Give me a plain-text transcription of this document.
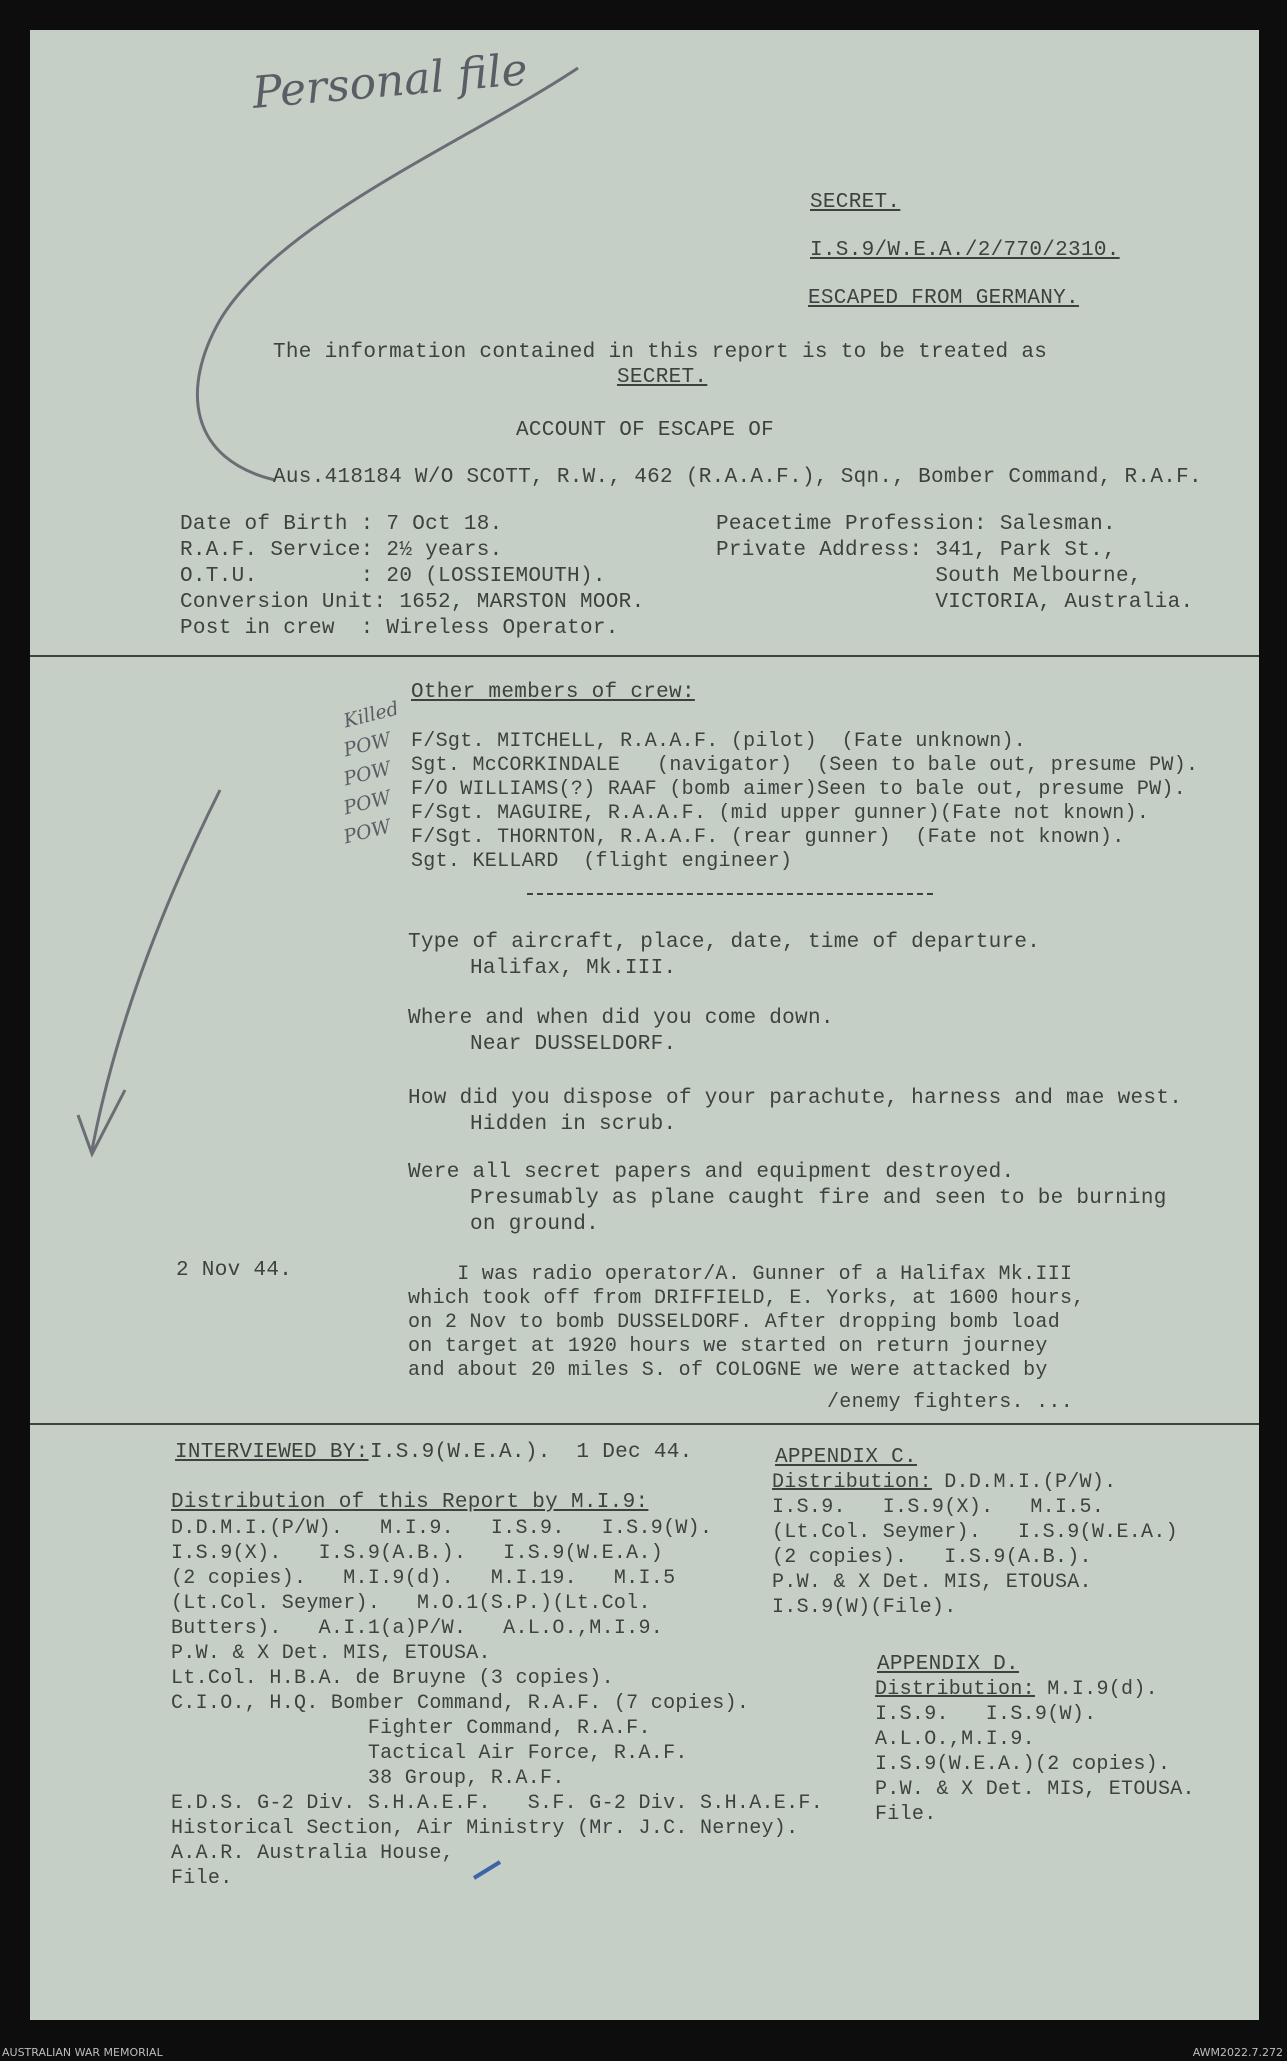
Personal file
Killed
POW
POW
POW
POW
SECRET.
I.S.9/W.E.A./2/770/2310.
ESCAPED FROM GERMANY.
The information contained in this report is to be treated as
SECRET.
ACCOUNT OF ESCAPE OF
Aus.418184 W/O SCOTT, R.W., 462 (R.A.A.F.), Sqn., Bomber Command, R.A.F.
Date of Birth : 7 Oct 18.
R.A.F. Service: 2½ years.
O.T.U.        : 20 (LOSSIEMOUTH).
Conversion Unit: 1652, MARSTON MOOR.
Post in crew  : Wireless Operator.
Peacetime Profession: Salesman.
Private Address: 341, Park St.,
South Melbourne,
VICTORIA, Australia.
Other members of crew:
F/Sgt. MITCHELL, R.A.A.F. (pilot)  (Fate unknown).
Sgt. McCORKINDALE   (navigator)  (Seen to bale out, presume PW).
F/O WILLIAMS(?) RAAF (bomb aimer)Seen to bale out, presume PW).
F/Sgt. MAGUIRE, R.A.A.F. (mid upper gunner)(Fate not known).
F/Sgt. THORNTON, R.A.A.F. (rear gunner)  (Fate not known).
Sgt. KELLARD  (flight engineer)
Type of aircraft, place, date, time of departure.
Halifax, Mk.III.
Where and when did you come down.
Near DUSSELDORF.
How did you dispose of your parachute, harness and mae west.
Hidden in scrub.
Were all secret papers and equipment destroyed.
Presumably as plane caught fire and seen to be burning
on ground.
2 Nov 44.	I was radio operator/A. Gunner of a Halifax Mk.III
which took off from DRIFFIELD, E. Yorks, at 1600 hours,
on 2 Nov to bomb DUSSELDORF. After dropping bomb load
on target at 1920 hours we started on return journey
and about 20 miles S. of COLOGNE we were attacked by
/enemy fighters. ...
INTERVIEWED BY: I.S.9(W.E.A.).  1 Dec 44.
Distribution of this Report by M.I.9:
D.D.M.I.(P/W).   M.I.9.   I.S.9.   I.S.9(W).
I.S.9(X).   I.S.9(A.B.).   I.S.9(W.E.A.)
(2 copies).   M.I.9(d).   M.I.19.   M.I.5
(Lt.Col. Seymer).   M.O.1(S.P.)(Lt.Col.
Butters).   A.I.1(a)P/W.   A.L.O.,M.I.9.
P.W. & X Det. MIS, ETOUSA.
Lt.Col. H.B.A. de Bruyne (3 copies).
C.I.O., H.Q. Bomber Command, R.A.F. (7 copies).
Fighter Command, R.A.F.
Tactical Air Force, R.A.F.
38 Group, R.A.F.
E.D.S. G-2 Div. S.H.A.E.F.   S.F. G-2 Div. S.H.A.E.F.
Historical Section, Air Ministry (Mr. J.C. Nerney).
A.A.R. Australia House,
File.
APPENDIX C.
Distribution: D.D.M.I.(P/W).
I.S.9.   I.S.9(X).   M.I.5.
(Lt.Col. Seymer).   I.S.9(W.E.A.)
(2 copies).   I.S.9(A.B.).
P.W. & X Det. MIS, ETOUSA.
I.S.9(W)(File).
APPENDIX D.
Distribution: M.I.9(d).
I.S.9.   I.S.9(W).
A.L.O.,M.I.9.
I.S.9(W.E.A.)(2 copies).
P.W. & X Det. MIS, ETOUSA.
File.
AUSTRALIAN WAR MEMORIAL	AWM2022.7.272
